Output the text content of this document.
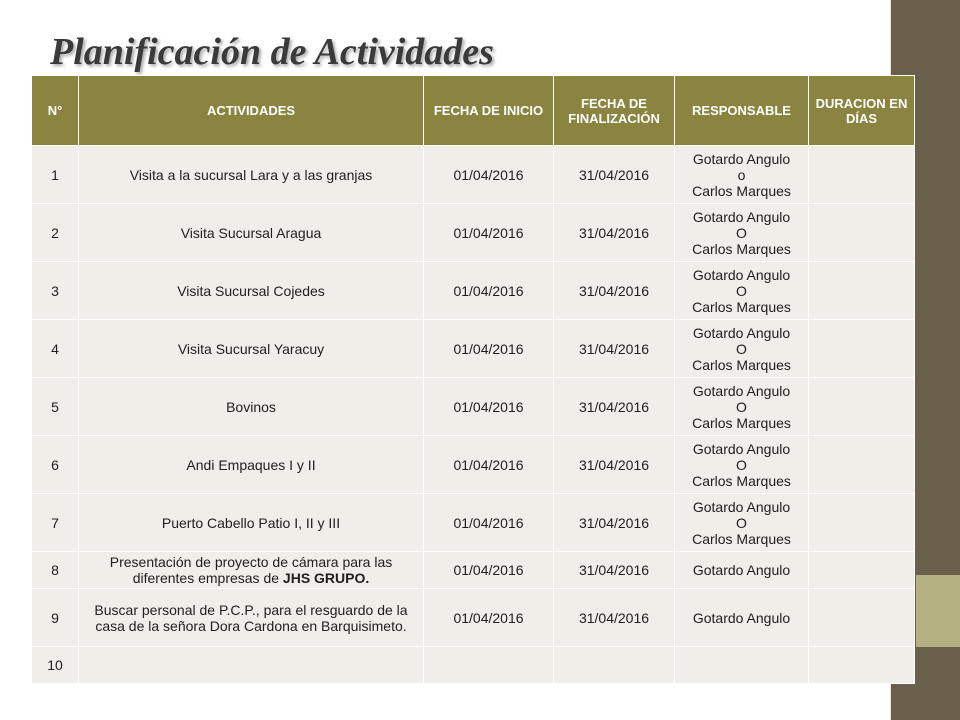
Planificación de Actividades
N°	ACTIVIDADES	FECHA DE INICIO	FECHA DE FINALIZACIÓN	RESPONSABLE	DURACION EN DÍAS
1	Visita a la sucursal Lara y a las granjas	01/04/2016	31/04/2016	Gotardo Angulo
o
Carlos Marques	

2	Visita Sucursal Aragua	01/04/2016	31/04/2016	Gotardo Angulo
O
Carlos Marques	

3	Visita Sucursal Cojedes	01/04/2016	31/04/2016	Gotardo Angulo
O
Carlos Marques	

4	Visita Sucursal Yaracuy	01/04/2016	31/04/2016	Gotardo Angulo
O
Carlos Marques	

5	Bovinos	01/04/2016	31/04/2016	Gotardo Angulo
O
Carlos Marques	

6	Andi Empaques I y II	01/04/2016	31/04/2016	Gotardo Angulo
O
Carlos Marques	

7	Puerto Cabello Patio I, II y III	01/04/2016	31/04/2016	Gotardo Angulo
O
Carlos Marques	

8	Presentación de proyecto de cámara para las diferentes empresas de JHS GRUPO.	01/04/2016	31/04/2016	Gotardo Angulo	
9	Buscar personal de P.C.P., para el resguardo de la casa de la señora Dora Cardona en Barquisimeto.	01/04/2016	31/04/2016	Gotardo Angulo	
10					
